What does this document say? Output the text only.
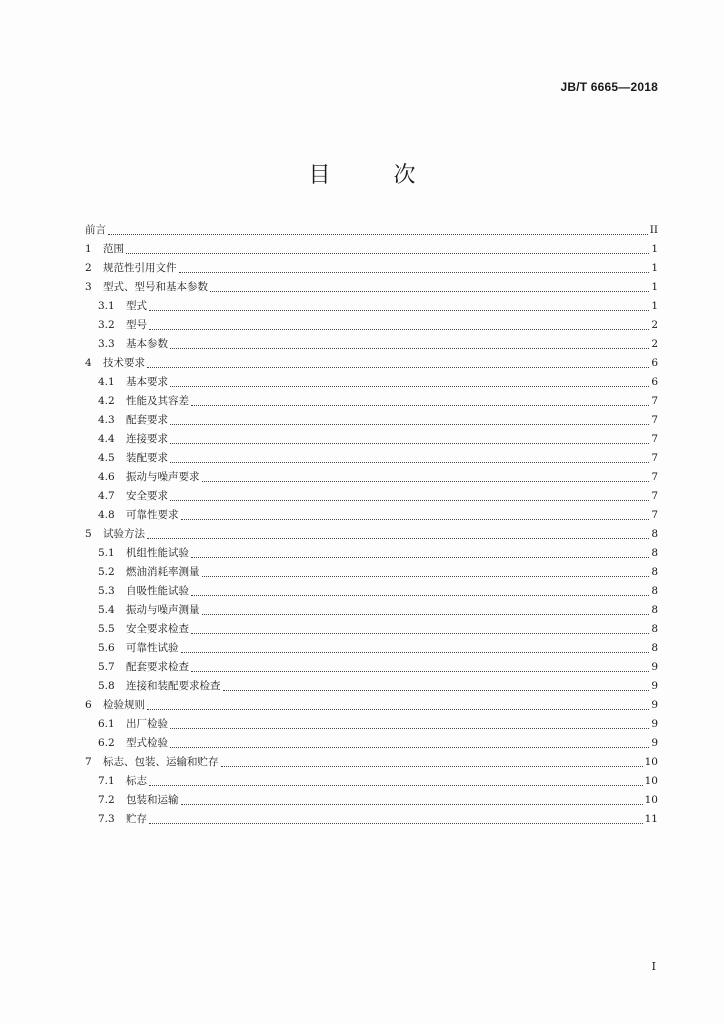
JB/T 6665—2018
目 次
前言	II
1	范围	1
2	规范性引用文件	1
3	型式、型号和基本参数	1
3.1	型式	1
3.2	型号	2
3.3	基本参数	2
4	技术要求	6
4.1	基本要求	6
4.2	性能及其容差	7
4.3	配套要求	7
4.4	连接要求	7
4.5	装配要求	7
4.6	振动与噪声要求	7
4.7	安全要求	7
4.8	可靠性要求	7
5	试验方法	8
5.1	机组性能试验	8
5.2	燃油消耗率测量	8
5.3	自吸性能试验	8
5.4	振动与噪声测量	8
5.5	安全要求检查	8
5.6	可靠性试验	8
5.7	配套要求检查	9
5.8	连接和装配要求检查	9
6	检验规则	9
6.1	出厂检验	9
6.2	型式检验	9
7	标志、包装、运输和贮存	10
7.1	标志	10
7.2	包装和运输	10
7.3	贮存	11
I
